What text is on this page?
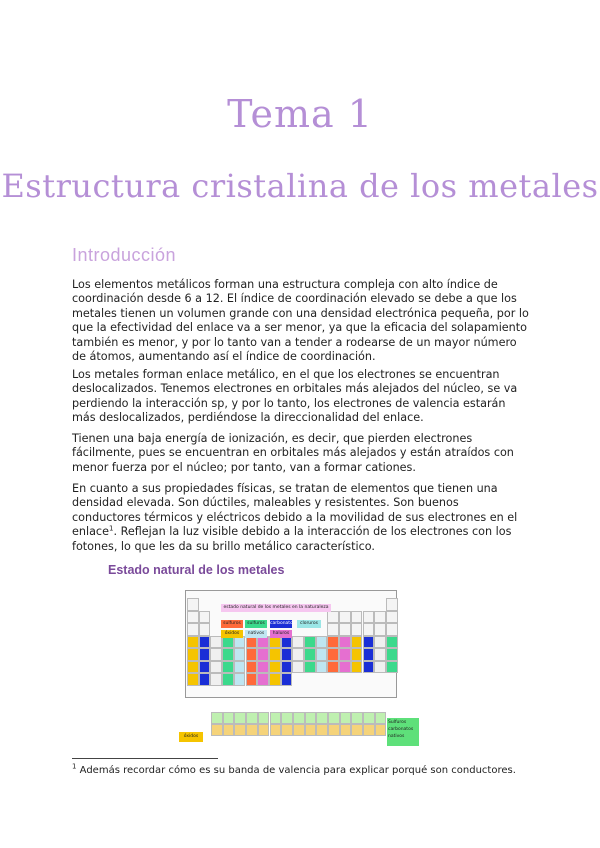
Tema 1
Estructura cristalina de los metales
Introducción

Los elementos metálicos forman una estructura compleja con alto índice de coordinación desde 6 a 12. El índice de coordinación elevado se debe a que los metales tienen un volumen grande con una densidad electrónica pequeña, por lo que la efectividad del enlace va a ser menor, ya que la eficacia del solapamiento también es menor, y por lo tanto van a tender a rodearse de un mayor número de átomos, aumentando así el índice de coordinación.

Los metales forman enlace metálico, en el que los electrones se encuentran deslocalizados. Tenemos electrones en orbitales más alejados del núcleo, se va perdiendo la interacción sp, y por lo tanto, los electrones de valencia estarán más deslocalizados, perdiéndose la direccionalidad del enlace.

Tienen una baja energía de ionización, es decir, que pierden electrones fácilmente, pues se encuentran en orbitales más alejados y están atraídos con menor fuerza por el núcleo; por tanto, van a formar cationes.

En cuanto a sus propiedades físicas, se tratan de elementos que tienen una densidad elevada. Son dúctiles, maleables y resistentes. Son buenos conductores térmicos y eléctricos debido a la movilidad de sus electrones en el enlace$^1$. Reflejan la luz visible debido a la interacción de los electrones con los fotones, lo que les da su brillo metálico característico.

Estado natural de los metales
estado natural de los metales en la naturaleza
sulfuros	sulfuros	carbonatos	cloruros
óxidos	nativos	haluros
óxidos
Sulfuros carbonatos nativos
$^1$ Además recordar cómo es su banda de valencia para explicar porqué son conductores.
